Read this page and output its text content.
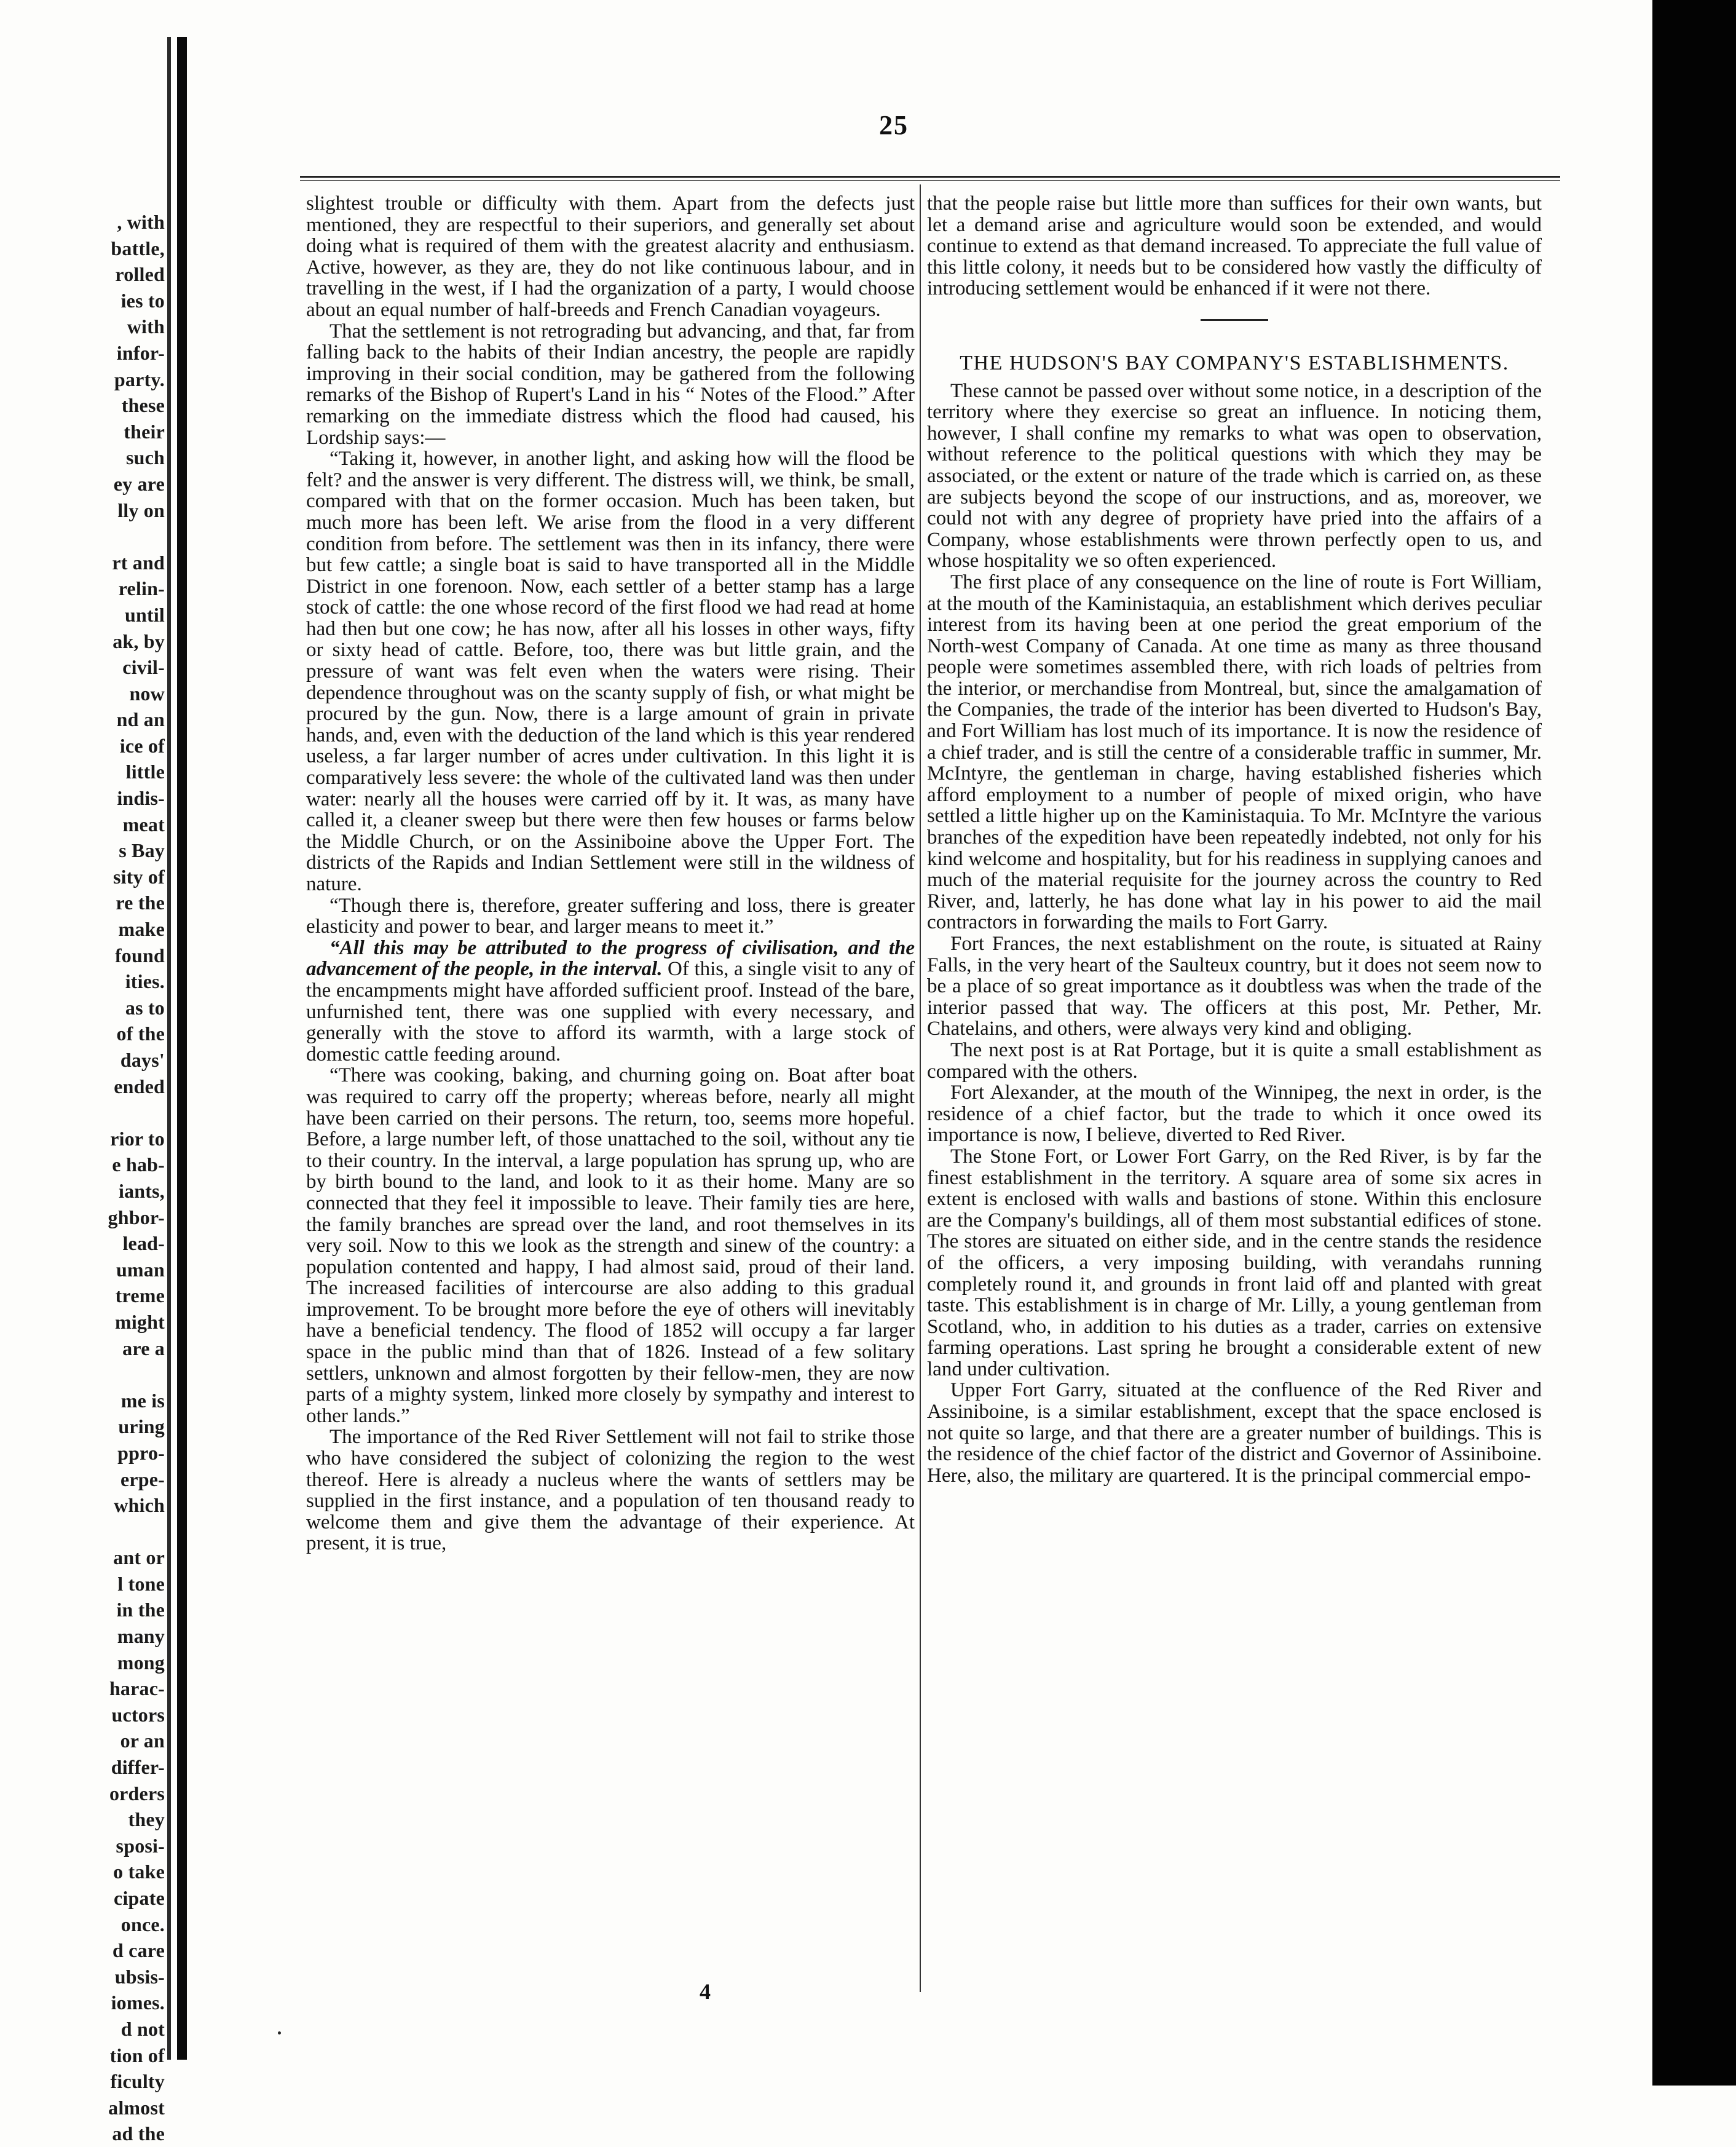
, with
battle,
rolled
ies to
with
infor-
party.
these
their
such
ey are
lly on

rt and
relin-
until
ak, by
civil-
now
nd an
ice of
little
indis-
meat
s Bay
sity of
re the
make
found
ities.
as to
of the
days'
ended

rior to
e hab-
iants,
ghbor-
lead-
uman
treme
might
are a

me is
uring
ppro-
erpe-
which

ant or
l tone
in the
many
mong
harac-
uctors
or an
differ-
orders
they
sposi-
o take
cipate
once.
d care
ubsis-
iomes.
d not
tion of
ficulty
almost
ad the
25

slightest trouble or difficulty with them. Apart from the defects just mentioned, they are respectful to their superiors, and generally set about doing what is required of them with the greatest alacrity and enthusiasm. Active, however, as they are, they do not like continuous labour, and in travelling in the west, if I had the organization of a party, I would choose about an equal number of half-breeds and French Canadian voyageurs.

That the settlement is not retrograding but advancing, and that, far from falling back to the habits of their Indian ancestry, the people are rapidly improving in their social condition, may be gathered from the following remarks of the Bishop of Rupert's Land in his “ Notes of the Flood.” After remarking on the immediate distress which the flood had caused, his Lordship says:—

“Taking it, however, in another light, and asking how will the flood be felt? and the answer is very different. The distress will, we think, be small, compared with that on the former occasion. Much has been taken, but much more has been left. We arise from the flood in a very different condition from before. The settlement was then in its infancy, there were but few cattle; a single boat is said to have transported all in the Middle District in one forenoon. Now, each settler of a better stamp has a large stock of cattle: the one whose record of the first flood we had read at home had then but one cow; he has now, after all his losses in other ways, fifty or sixty head of cattle. Before, too, there was but little grain, and the pressure of want was felt even when the waters were rising. Their dependence throughout was on the scanty supply of fish, or what might be procured by the gun. Now, there is a large amount of grain in private hands, and, even with the deduction of the land which is this year rendered useless, a far larger number of acres under cultivation. In this light it is comparatively less severe: the whole of the cultivated land was then under water: nearly all the houses were carried off by it. It was, as many have called it, a cleaner sweep but there were then few houses or farms below the Middle Church, or on the Assiniboine above the Upper Fort. The districts of the Rapids and Indian Settlement were still in the wildness of nature.

“Though there is, therefore, greater suffering and loss, there is greater elasticity and power to bear, and larger means to meet it.”

“All this may be attributed to the progress of civilisation, and the advancement of the people, in the interval. Of this, a single visit to any of the encampments might have afforded sufficient proof. Instead of the bare, unfurnished tent, there was one supplied with every necessary, and generally with the stove to afford its warmth, with a large stock of domestic cattle feeding around.

“There was cooking, baking, and churning going on. Boat after boat was required to carry off the property; whereas before, nearly all might have been carried on their persons. The return, too, seems more hopeful. Before, a large number left, of those unattached to the soil, without any tie to their country. In the interval, a large population has sprung up, who are by birth bound to the land, and look to it as their home. Many are so connected that they feel it impossible to leave. Their family ties are here, the family branches are spread over the land, and root themselves in its very soil. Now to this we look as the strength and sinew of the country: a population contented and happy, I had almost said, proud of their land. The increased facilities of intercourse are also adding to this gradual improvement. To be brought more before the eye of others will inevitably have a beneficial tendency. The flood of 1852 will occupy a far larger space in the public mind than that of 1826. Instead of a few solitary settlers, unknown and almost forgotten by their fellow-men, they are now parts of a mighty system, linked more closely by sympathy and interest to other lands.”

The importance of the Red River Settlement will not fail to strike those who have considered the subject of colonizing the region to the west thereof. Here is already a nucleus where the wants of settlers may be supplied in the first instance, and a population of ten thousand ready to welcome them and give them the advantage of their experience. At present, it is true,

that the people raise but little more than suffices for their own wants, but let a demand arise and agriculture would soon be extended, and would continue to extend as that demand increased. To appreciate the full value of this little colony, it needs but to be considered how vastly the difficulty of introducing settlement would be enhanced if it were not there.

THE HUDSON'S BAY COMPANY'S ESTABLISHMENTS.

These cannot be passed over without some notice, in a description of the territory where they exercise so great an influence. In noticing them, however, I shall confine my remarks to what was open to observation, without reference to the political questions with which they may be associated, or the extent or nature of the trade which is carried on, as these are subjects beyond the scope of our instructions, and as, moreover, we could not with any degree of propriety have pried into the affairs of a Company, whose establishments were thrown perfectly open to us, and whose hospitality we so often experienced.

The first place of any consequence on the line of route is Fort William, at the mouth of the Kaministaquia, an establishment which derives peculiar interest from its having been at one period the great emporium of the North-west Company of Canada. At one time as many as three thousand people were sometimes assembled there, with rich loads of peltries from the interior, or merchandise from Montreal, but, since the amalgamation of the Companies, the trade of the interior has been diverted to Hudson's Bay, and Fort William has lost much of its importance. It is now the residence of a chief trader, and is still the centre of a considerable traffic in summer, Mr. McIntyre, the gentleman in charge, having established fisheries which afford employment to a number of people of mixed origin, who have settled a little higher up on the Kaministaquia. To Mr. McIntyre the various branches of the expedition have been repeatedly indebted, not only for his kind welcome and hospitality, but for his readiness in supplying canoes and much of the material requisite for the journey across the country to Red River, and, latterly, he has done what lay in his power to aid the mail contractors in forwarding the mails to Fort Garry.

Fort Frances, the next establishment on the route, is situated at Rainy Falls, in the very heart of the Saulteux country, but it does not seem now to be a place of so great importance as it doubtless was when the trade of the interior passed that way. The officers at this post, Mr. Pether, Mr. Chatelains, and others, were always very kind and obliging.

The next post is at Rat Portage, but it is quite a small establishment as compared with the others.

Fort Alexander, at the mouth of the Winnipeg, the next in order, is the residence of a chief factor, but the trade to which it once owed its importance is now, I believe, diverted to Red River.

The Stone Fort, or Lower Fort Garry, on the Red River, is by far the finest establishment in the territory. A square area of some six acres in extent is enclosed with walls and bastions of stone. Within this enclosure are the Company's buildings, all of them most substantial edifices of stone. The stores are situated on either side, and in the centre stands the residence of the officers, a very imposing building, with verandahs running completely round it, and grounds in front laid off and planted with great taste. This establishment is in charge of Mr. Lilly, a young gentleman from Scotland, who, in addition to his duties as a trader, carries on extensive farming operations. Last spring he brought a considerable extent of new land under cultivation.

Upper Fort Garry, situated at the confluence of the Red River and Assiniboine, is a similar establishment, except that the space enclosed is not quite so large, and that there are a greater number of buildings. This is the residence of the chief factor of the district and Governor of Assiniboine. Here, also, the military are quartered. It is the principal commercial empo-

4
